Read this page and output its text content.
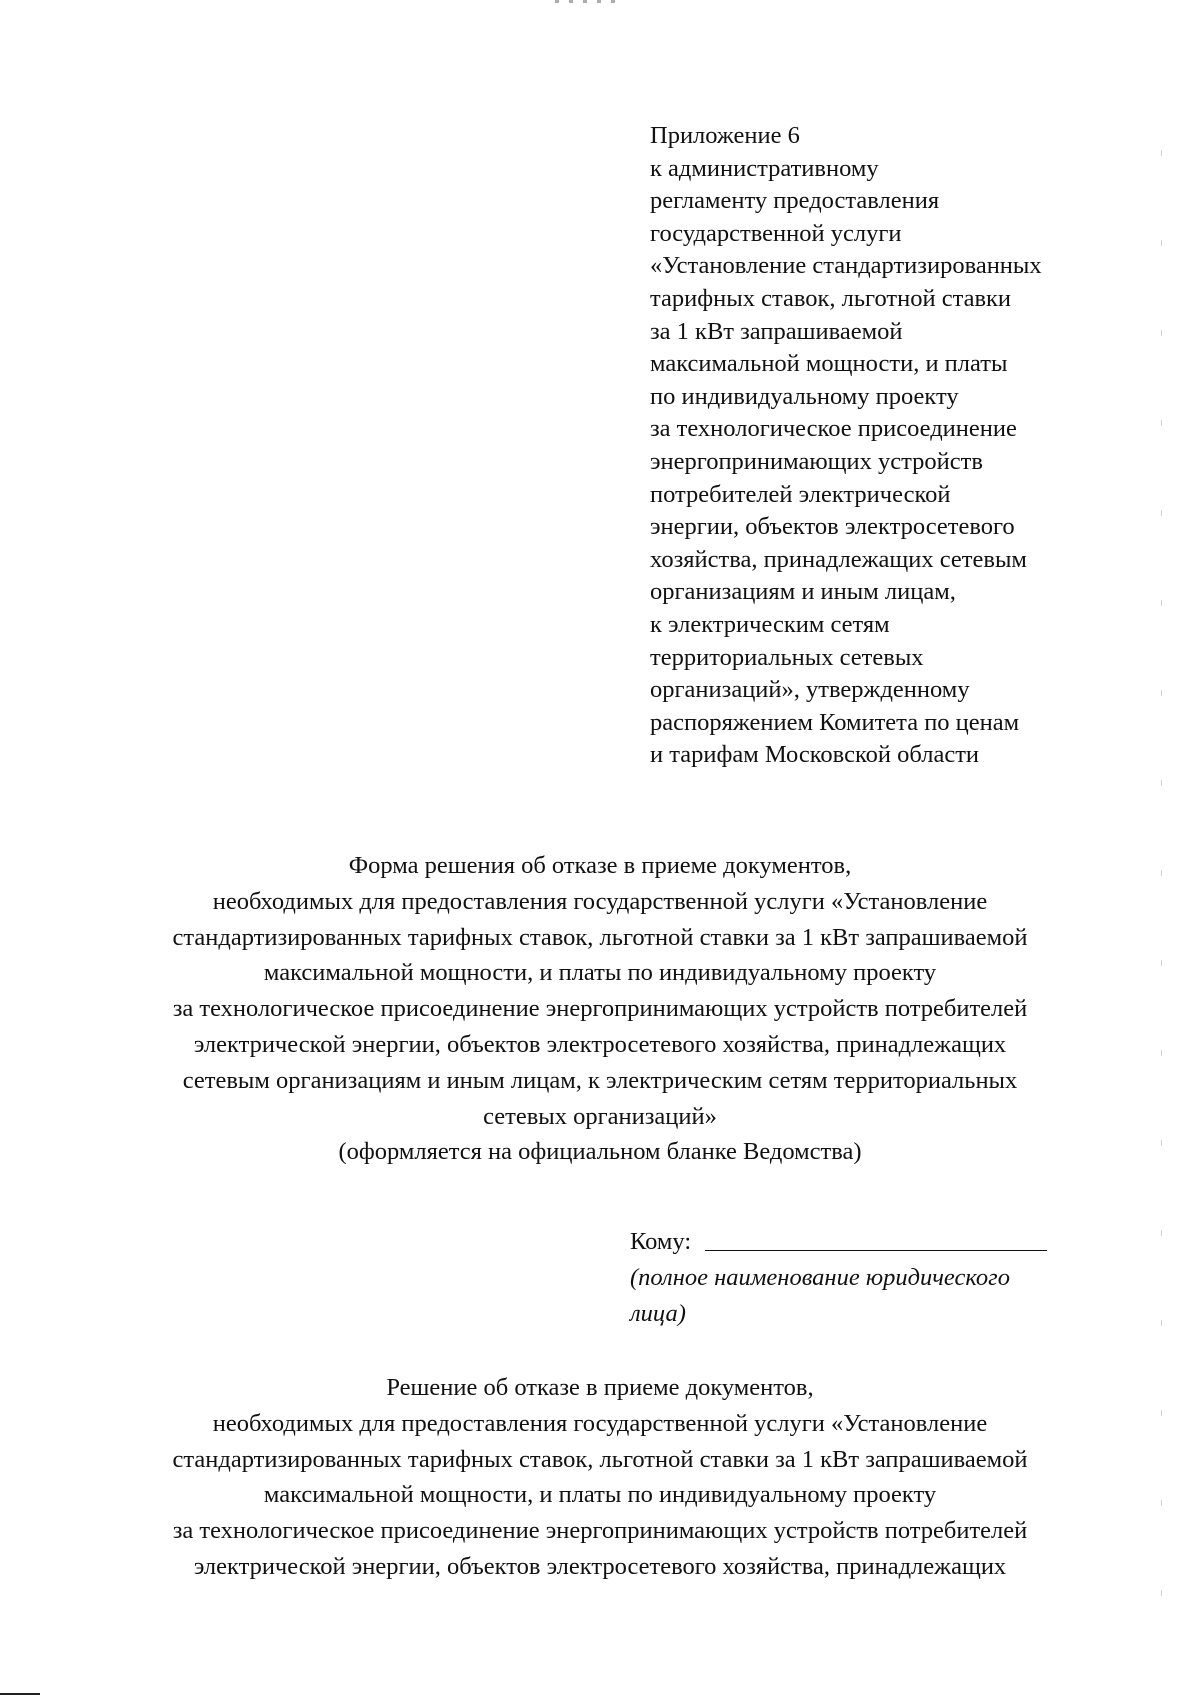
Приложение 6
к административному
регламенту предоставления
государственной услуги
«Установление стандартизированных
тарифных ставок, льготной ставки
за 1 кВт запрашиваемой
максимальной мощности, и платы
по индивидуальному проекту
за технологическое присоединение
энергопринимающих устройств
потребителей электрической
энергии, объектов электросетевого
хозяйства, принадлежащих сетевым
организациям и иным лицам,
к электрическим сетям
территориальных сетевых
организаций», утвержденному
распоряжением Комитета по ценам
и тарифам Московской области
Форма решения об отказе в приеме документов,
необходимых для предоставления государственной услуги «Установление
стандартизированных тарифных ставок, льготной ставки за 1 кВт запрашиваемой
максимальной мощности, и платы по индивидуальному проекту
за технологическое присоединение энергопринимающих устройств потребителей
электрической энергии, объектов электросетевого хозяйства, принадлежащих
сетевым организациям и иным лицам, к электрическим сетям территориальных
сетевых организаций»
(оформляется на официальном бланке Ведомства)
Кому:
(полное наименование юридического
лица)
Решение об отказе в приеме документов,
необходимых для предоставления государственной услуги «Установление
стандартизированных тарифных ставок, льготной ставки за 1 кВт запрашиваемой
максимальной мощности, и платы по индивидуальному проекту
за технологическое присоединение энергопринимающих устройств потребителей
электрической энергии, объектов электросетевого хозяйства, принадлежащих
